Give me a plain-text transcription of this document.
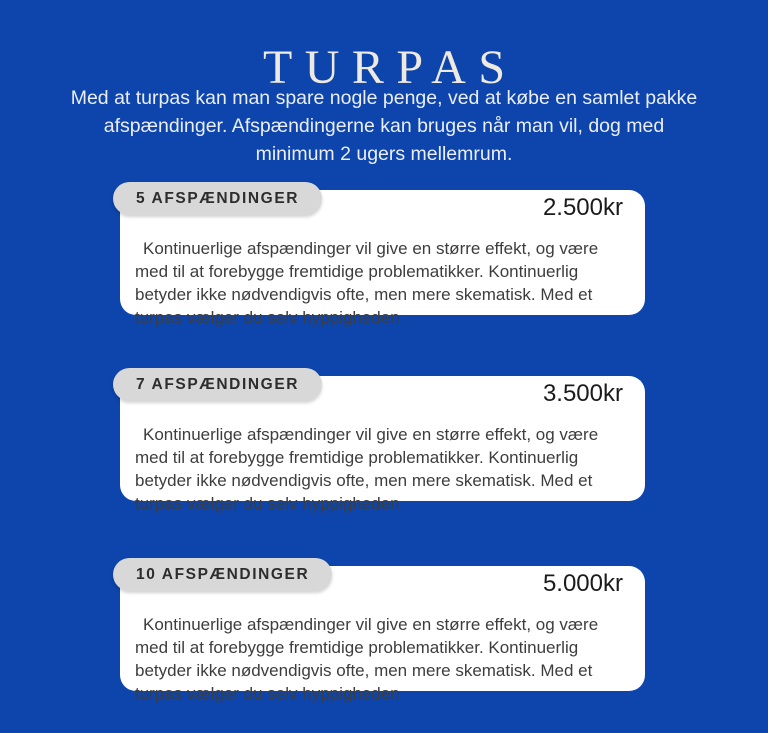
TURPAS

Med at turpas kan man spare nogle penge, ved at købe en samlet pakke afspændinger. Afspændingerne kan bruges når man vil, dog med minimum 2 ugers mellemrum.

5 AFSPÆNDINGER	2.500kr

Kontinuerlige afspændinger vil give en større effekt, og være med til at forebygge fremtidige problematikker. Kontinuerlig betyder ikke nødvendigvis ofte, men mere skematisk. Med et turpas vælger du selv hyppigheden

7 AFSPÆNDINGER	3.500kr

Kontinuerlige afspændinger vil give en større effekt, og være med til at forebygge fremtidige problematikker. Kontinuerlig betyder ikke nødvendigvis ofte, men mere skematisk. Med et turpas vælger du selv hyppigheden

10 AFSPÆNDINGER	5.000kr

Kontinuerlige afspændinger vil give en større effekt, og være med til at forebygge fremtidige problematikker. Kontinuerlig betyder ikke nødvendigvis ofte, men mere skematisk. Med et turpas vælger du selv hyppigheden
